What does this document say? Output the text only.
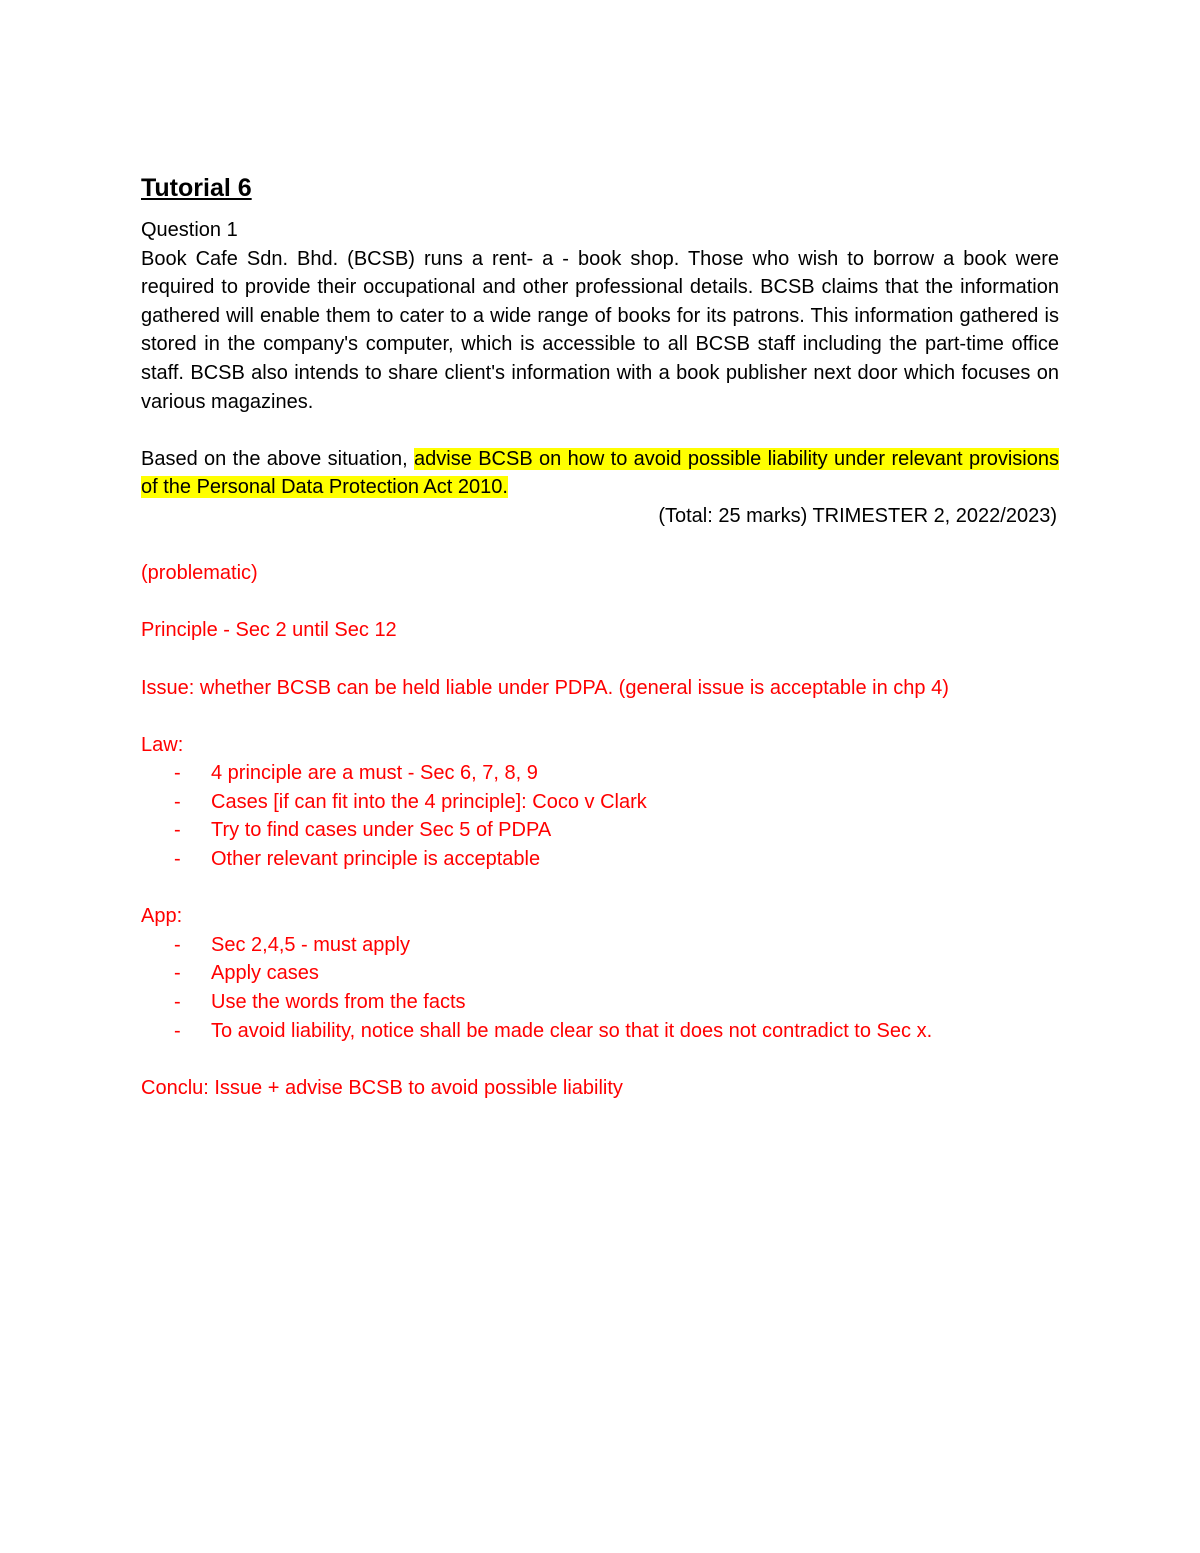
Tutorial 6

Question 1

Book Cafe Sdn. Bhd. (BCSB) runs a rent- a - book shop. Those who wish to borrow a book were required to provide their occupational and other professional details. BCSB claims that the information gathered will enable them to cater to a wide range of books for its patrons. This information gathered is stored in the company's computer, which is accessible to all BCSB staff including the part-time office staff. BCSB also intends to share client's information with a book publisher next door which focuses on various magazines.

Based on the above situation, advise BCSB on how to avoid possible liability under relevant provisions of the Personal Data Protection Act 2010.

(Total: 25 marks) TRIMESTER 2, 2022/2023)

(problematic)

Principle - Sec 2 until Sec 12

Issue: whether BCSB can be held liable under PDPA. (general issue is acceptable in chp 4)

Law:

- 4 principle are a must - Sec 6, 7, 8, 9
- Cases [if can fit into the 4 principle]: Coco v Clark
- Try to find cases under Sec 5 of PDPA
- Other relevant principle is acceptable

App:

- Sec 2,4,5 - must apply
- Apply cases
- Use the words from the facts
- To avoid liability, notice shall be made clear so that it does not contradict to Sec x.

Conclu: Issue + advise BCSB to avoid possible liability
